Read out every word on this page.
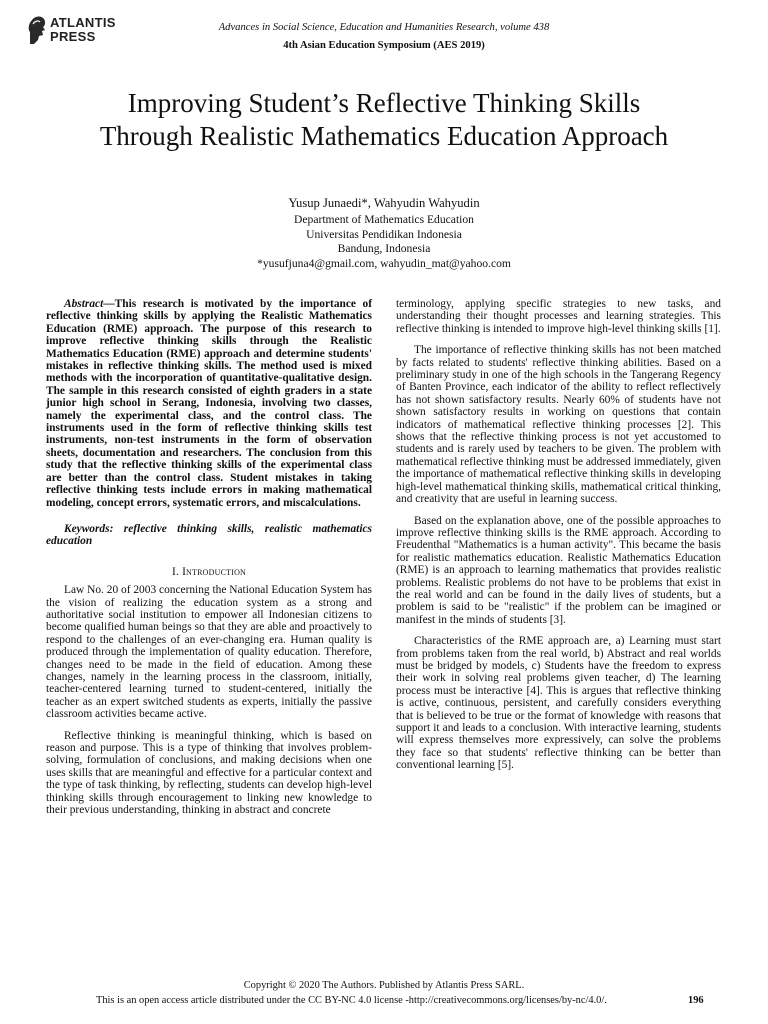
ATLANTIS
PRESS
Advances in Social Science, Education and Humanities Research, volume 438
4th Asian Education Symposium (AES 2019)
Improving Student’s Reflective Thinking Skills
Through Realistic Mathematics Education Approach
Yusup Junaedi*, Wahyudin Wahyudin
Department of Mathematics Education
Universitas Pendidikan Indonesia
Bandung, Indonesia
*yusufjuna4@gmail.com, wahyudin_mat@yahoo.com

Abstract—This research is motivated by the importance of reflective thinking skills by applying the Realistic Mathematics Education (RME) approach. The purpose of this research to improve reflective thinking skills through the Realistic Mathematics Education (RME) approach and determine students' mistakes in reflective thinking skills. The method used is mixed methods with the incorporation of quantitative-qualitative design. The sample in this research consisted of eighth graders in a state junior high school in Serang, Indonesia, involving two classes, namely the experimental class, and the control class. The instruments used in the form of reflective thinking skills test instruments, non-test instruments in the form of observation sheets, documentation and researchers. The conclusion from this study that the reflective thinking skills of the experimental class are better than the control class. Student mistakes in taking reflective thinking tests include errors in making mathematical modeling, concept errors, systematic errors, and miscalculations.

Keywords: reflective thinking skills, realistic mathematics education

I. Introduction

Law No. 20 of 2003 concerning the National Education System has the vision of realizing the education system as a strong and authoritative social institution to empower all Indonesian citizens to become qualified human beings so that they are able and proactively to respond to the challenges of an ever-changing era. Human quality is produced through the implementation of quality education. Therefore, changes need to be made in the field of education. Among these changes, namely in the learning process in the classroom, initially, teacher-centered learning turned to student-centered, initially the teacher as an expert switched students as experts, initially the passive classroom activities became active.

Reflective thinking is meaningful thinking, which is based on reason and purpose. This is a type of thinking that involves problem-solving, formulation of conclusions, and making decisions when one uses skills that are meaningful and effective for a particular context and the type of task thinking, by reflecting, students can develop high-level thinking skills through encouragement to linking new knowledge to their previous understanding, thinking in abstract and concrete

terminology, applying specific strategies to new tasks, and understanding their thought processes and learning strategies. This reflective thinking is intended to improve high-level thinking skills [1].

The importance of reflective thinking skills has not been matched by facts related to students' reflective thinking abilities. Based on a preliminary study in one of the high schools in the Tangerang Regency of Banten Province, each indicator of the ability to reflect reflectively has not shown satisfactory results. Nearly 60% of students have not shown satisfactory results in working on questions that contain indicators of mathematical reflective thinking processes [2]. This shows that the reflective thinking process is not yet accustomed to students and is rarely used by teachers to be given. The problem with mathematical reflective thinking must be addressed immediately, given the importance of mathematical reflective thinking skills in developing high-level mathematical thinking skills, mathematical critical thinking, and creativity that are useful in learning success.

Based on the explanation above, one of the possible approaches to improve reflective thinking skills is the RME approach. According to Freudenthal "Mathematics is a human activity". This became the basis for realistic mathematics education. Realistic Mathematics Education (RME) is an approach to learning mathematics that provides realistic problems. Realistic problems do not have to be problems that exist in the real world and can be found in the daily lives of students, but a problem is said to be "realistic" if the problem can be imagined or manifest in the minds of students [3].

Characteristics of the RME approach are, a) Learning must start from problems taken from the real world, b) Abstract and real worlds must be bridged by models, c) Students have the freedom to express their work in solving real problems given teacher, d) The learning process must be interactive [4]. This is argues that reflective thinking is active, continuous, persistent, and carefully considers everything that is believed to be true or the format of knowledge with reasons that support it and leads to a conclusion. With interactive learning, students will express themselves more expressively, can solve the problems they face so that students' reflective thinking can be better than conventional learning [5].

Copyright © 2020 The Authors. Published by Atlantis Press SARL.
This is an open access article distributed under the CC BY-NC 4.0 license -http://creativecommons.org/licenses/by-nc/4.0/.	196
